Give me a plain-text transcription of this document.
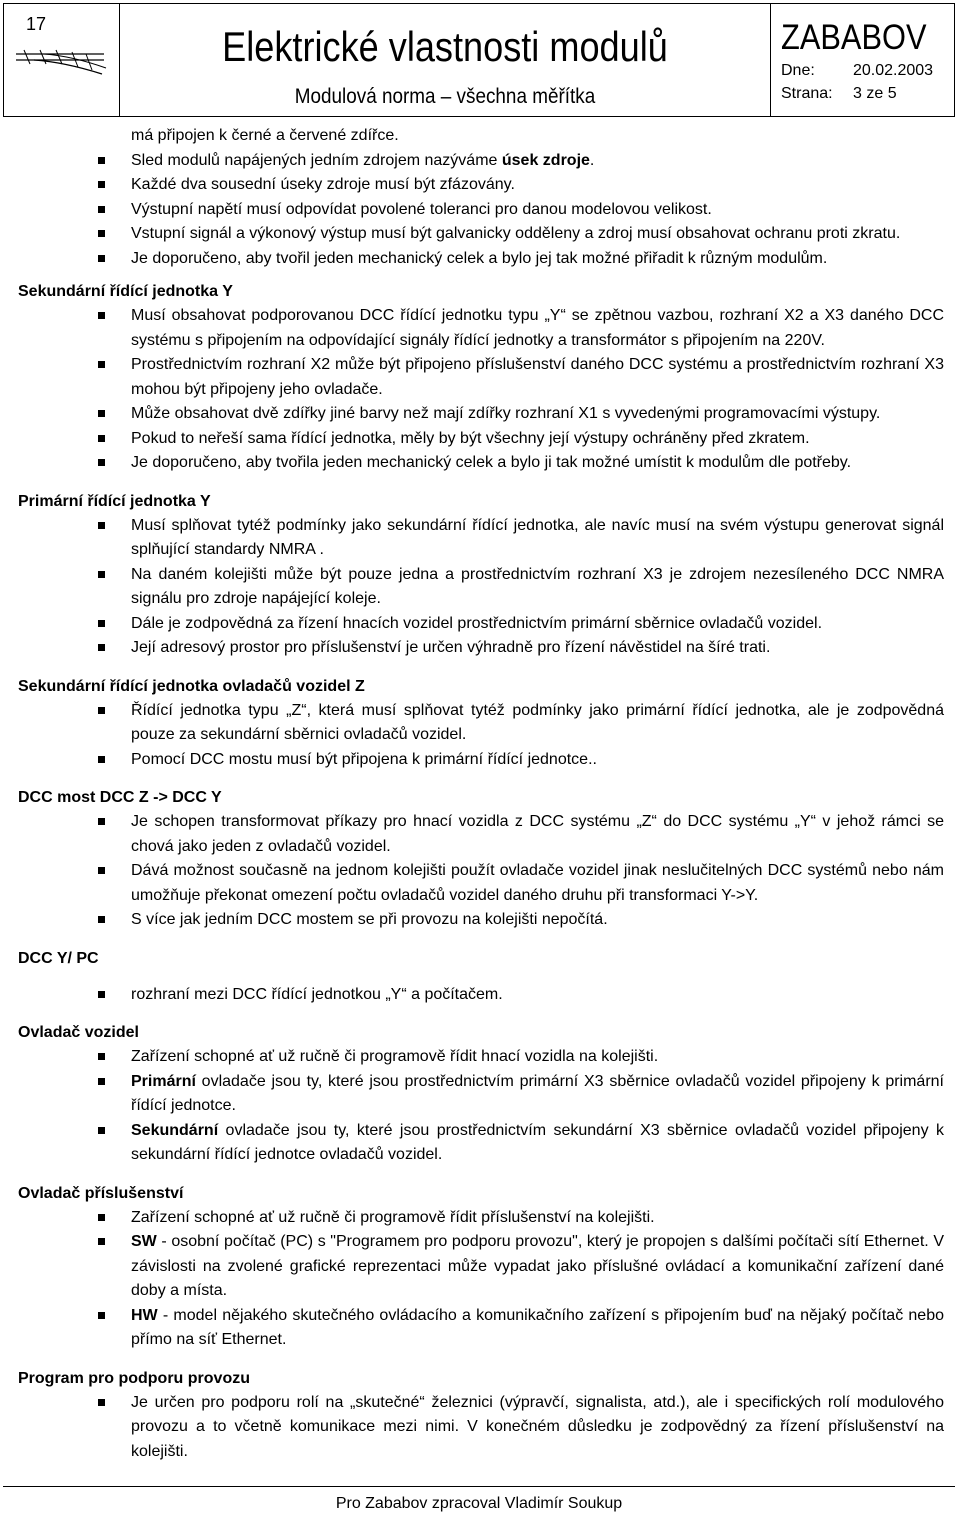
17	Elektrické vlastnosti modulů
Modulová norma – všechna měřítka
ZABABOV
Dne: 20.02.2003
Strana: 3 ze 5

má připojen k černé a červené zdířce.

Sled modulů napájených jedním zdrojem nazýváme úsek zdroje.
Každé dva sousední úseky zdroje musí být zfázovány.
Výstupní napětí musí odpovídat povolené toleranci pro danou modelovou velikost.
Vstupní signál a výkonový výstup musí být galvanicky odděleny a zdroj musí obsahovat ochranu proti zkratu.
Je doporučeno, aby tvořil jeden mechanický celek a bylo jej tak možné přiřadit k různým modulům.
Sekundární řídící jednotka Y
Musí obsahovat podporovanou DCC řídící jednotku typu „Y“ se zpětnou vazbou, rozhraní X2 a X3 daného DCC systému s připojením na odpovídající signály řídící jednotky a transformátor s připojením na 220V.
Prostřednictvím rozhraní X2 může být připojeno příslušenství daného DCC systému a prostřednictvím rozhraní X3 mohou být připojeny jeho ovladače.
Může obsahovat dvě zdířky jiné barvy než mají zdířky rozhraní X1 s vyvedenými programovacími výstupy.
Pokud to neřeší sama řídící jednotka, měly by být všechny její výstupy ochráněny před zkratem.
Je doporučeno, aby tvořila jeden mechanický celek a bylo ji tak možné umístit k modulům dle potřeby.
Primární řídící jednotka Y
Musí splňovat tytéž podmínky jako sekundární řídící jednotka, ale navíc musí na svém výstupu generovat signál splňující standardy NMRA .
Na daném kolejišti může být pouze jedna a prostřednictvím rozhraní X3 je zdrojem nezesíleného DCC NMRA signálu pro zdroje napájející koleje.
Dále je zodpovědná za řízení hnacích vozidel prostřednictvím primární sběrnice ovladačů vozidel.
Její adresový prostor pro příslušenství je určen výhradně pro řízení návěstidel na šíré trati.
Sekundární řídící jednotka ovladačů vozidel Z
Řídící jednotka typu „Z“, která musí splňovat tytéž podmínky jako primární řídící jednotka, ale je zodpovědná pouze za sekundární sběrnici ovladačů vozidel.
Pomocí DCC mostu musí být připojena k primární řídící jednotce..
DCC most DCC Z -> DCC Y
Je schopen transformovat příkazy pro hnací vozidla z DCC systému „Z“ do DCC systému „Y“ v jehož rámci se chová jako jeden z ovladačů vozidel.
Dává možnost současně na jednom kolejišti použít ovladače vozidel jinak neslučitelných DCC systémů nebo nám umožňuje překonat omezení počtu ovladačů vozidel daného druhu při transformaci Y->Y.
S více jak jedním DCC mostem se při provozu na kolejišti nepočítá.
DCC Y/ PC
rozhraní mezi DCC řídící jednotkou „Y“ a počítačem.
Ovladač vozidel
Zařízení schopné ať už ručně či programově řídit hnací vozidla na kolejišti.
Primární ovladače jsou ty, které jsou prostřednictvím primární X3 sběrnice ovladačů vozidel připojeny k primární řídící jednotce.
Sekundární ovladače jsou ty, které jsou prostřednictvím sekundární X3 sběrnice ovladačů vozidel připojeny k sekundární řídící jednotce ovladačů vozidel.
Ovladač příslušenství
Zařízení schopné ať už ručně či programově řídit příslušenství na kolejišti.
SW - osobní počítač (PC) s "Programem pro podporu provozu", který je propojen s dalšími počítači sítí Ethernet. V závislosti na zvolené grafické reprezentaci může vypadat jako příslušné ovládací a komunikační zařízení dané doby a místa.
HW - model nějakého skutečného ovládacího a komunikačního zařízení s připojením buď na nějaký počítač nebo přímo na síť Ethernet.
Program pro podporu provozu
Je určen pro podporu rolí na „skutečné“ železnici (výpravčí, signalista, atd.), ale i specifických rolí modulového provozu a to včetně komunikace mezi nimi. V konečném důsledku je zodpovědný za řízení příslušenství na kolejišti.
Pro Zababov zpracoval Vladimír Soukup
